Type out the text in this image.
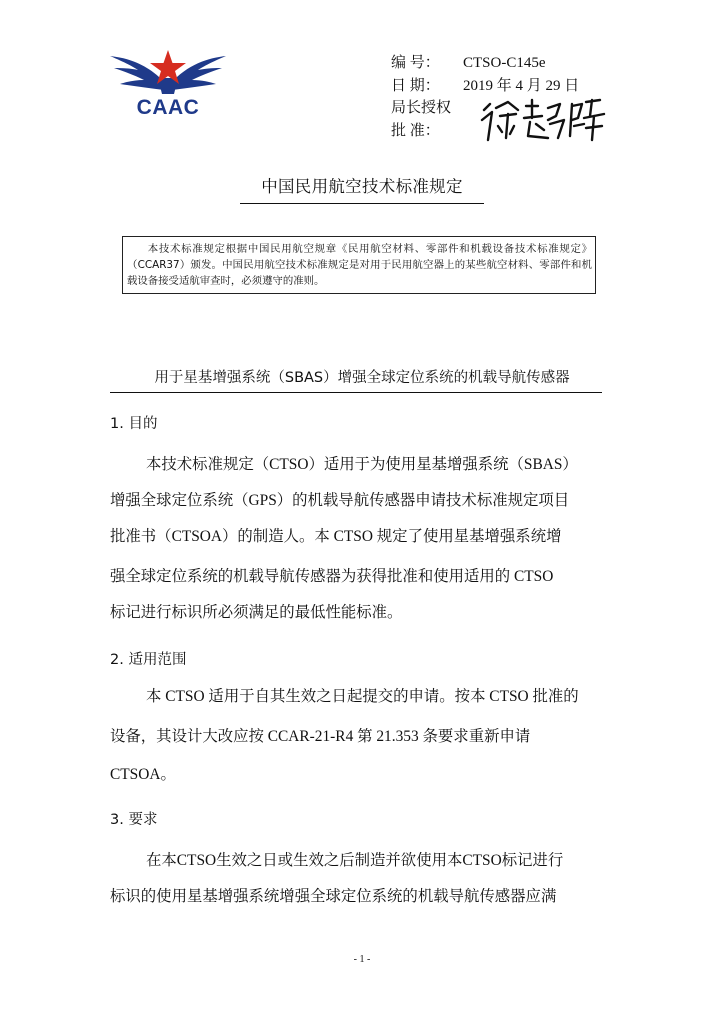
CAAC
编 号：	CTSO-C145e
日 期：	2019 年 4 月 29 日
局长授权
批 准：
中国民用航空技术标准规定

本技术标准规定根据中国民用航空规章《民用航空材料、零部件和机载设备技术标准规定》（CCAR37）颁发。中国民用航空技术标准规定是对用于民用航空器上的某些航空材料、零部件和机载设备接受适航审查时，必须遵守的准则。

用于星基增强系统（SBAS）增强全球定位系统的机载导航传感器
1. 目的
本技术标准规定（CTSO）适用于为使用星基增强系统（SBAS）
增强全球定位系统（GPS）的机载导航传感器申请技术标准规定项目
批准书（CTSOA）的制造人。本 CTSO 规定了使用星基增强系统增
强全球定位系统的机载导航传感器为获得批准和使用适用的 CTSO
标记进行标识所必须满足的最低性能标准。
2. 适用范围
本 CTSO 适用于自其生效之日起提交的申请。按本 CTSO 批准的
设备，其设计大改应按 CCAR-21-R4 第 21.353 条要求重新申请
CTSOA。
3. 要求
在本CTSO生效之日或生效之后制造并欲使用本CTSO标记进行
标识的使用星基增强系统增强全球定位系统的机载导航传感器应满
- 1 -
